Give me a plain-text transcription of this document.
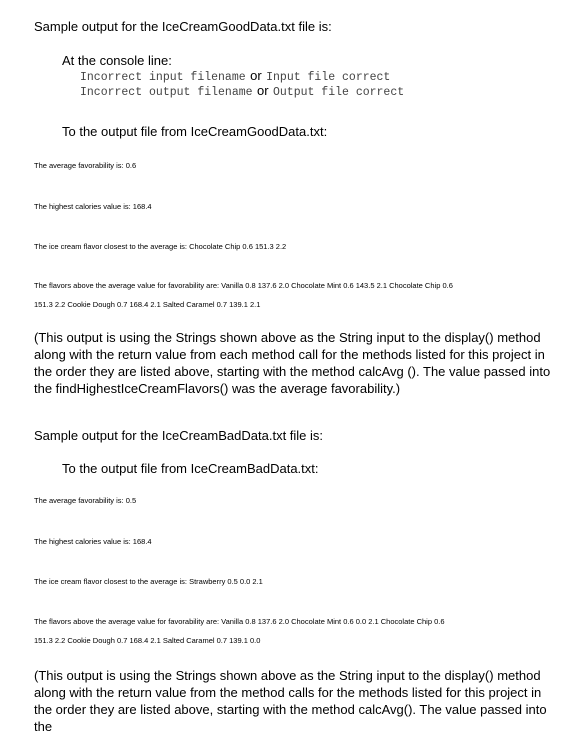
Sample output for the IceCreamGoodData.txt file is:
At the console line:
Incorrect input filename or Input file correct
Incorrect output filename or Output file correct
To the output file from IceCreamGoodData.txt:
The average favorability is: 0.6
The highest calories value is: 168.4
The ice cream flavor closest to the average is: Chocolate Chip 0.6 151.3 2.2
The flavors above the average value for favorability are: Vanilla 0.8 137.6 2.0 Chocolate Mint 0.6 143.5 2.1 Chocolate Chip 0.6
151.3 2.2 Cookie Dough 0.7 168.4 2.1 Salted Caramel 0.7 139.1 2.1
(This output is using the Strings shown above as the String input to the display() method along with the return value from each method call for the methods listed for this project in the order they are listed above, starting with the method calcAvg (). The value passed into the findHighestIceCreamFlavors() was the average favorability.)
Sample output for the IceCreamBadData.txt file is:
To the output file from IceCreamBadData.txt:
The average favorability is: 0.5
The highest calories value is: 168.4
The ice cream flavor closest to the average is: Strawberry 0.5 0.0 2.1
The flavors above the average value for favorability are: Vanilla 0.8 137.6 2.0 Chocolate Mint 0.6 0.0 2.1 Chocolate Chip 0.6
151.3 2.2 Cookie Dough 0.7 168.4 2.1 Salted Caramel 0.7 139.1 0.0
(This output is using the Strings shown above as the String input to the display() method along with the return value from the method calls for the methods listed for this project in the order they are listed above, starting with the method calcAvg(). The value passed into the
